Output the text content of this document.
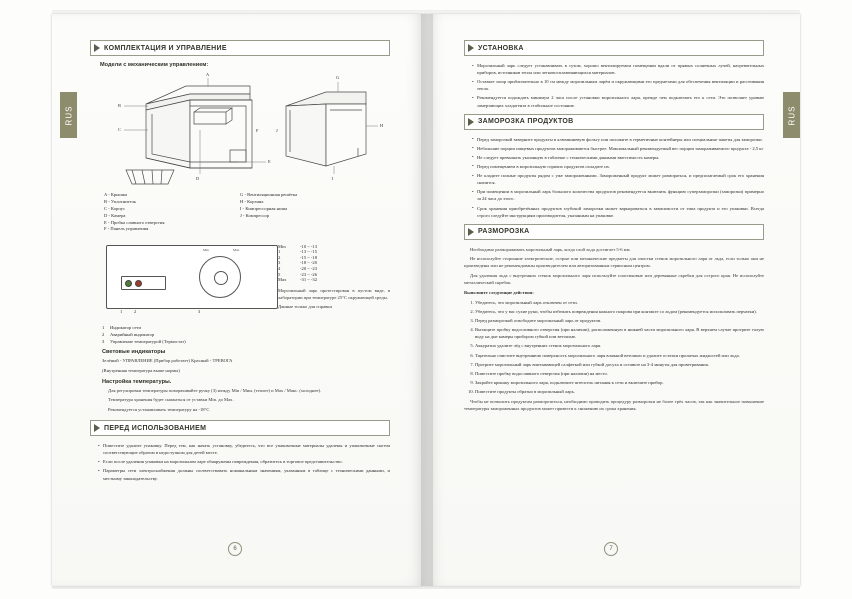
КОМПЛЕКТАЦИЯ И УПРАВЛЕНИЕ
Модели с механическим управлением:
A
B
C
D
E
G
H
I
J
F
A - Крышка
B - Уплотнитель
C - Корпус
D - Камера
E - Пробка сливного отверстия
F - Панель управления
G - Вентиляционная решётка
H - Корзина
I - Компрессорная ниша
J - Компрессор
Min	Max
1	2	3
1 Индикатор сети
2 Аварийный индикатор
3 Управление температурой (Термостат)
Min	-10 ~ -13
1	-13 ~ -15
2	-15 ~ -18
3	-18 ~ -20
4	-20 ~ -23
5	-23 ~ -26
Max	-31 ~ -32

Морозильный ларь протестирован в пустом виде, в лаборатории при температуре 25°C окружающей среды.

Данные только для справки

Световые индикаторы

Зелёный - УПРАВЛЕНИЕ (Прибор работает) Красный - ТРЕВОГА

(Внутренняя температура выше нормы)

Настройка температуры.

Для регулировки температуры поворачивайте ручку (3) между Min / Мин. (теплее) и Max / Макс. (холоднее).

Температура хранения будет снижаться от уставки Min. до Max.

Рекомендуется устанавливать температуру на -18°C

ПЕРЕД ИСПОЛЬЗОВАНИЕМ
• Поместите удалите упаковку. Перед тем, как начать установку, убедитесь, что все упаковочные материалы удалены и упаковочные скотчи соответствующие образом в недоступном для детей месте.
• Если после удаления упаковки на морозильном ларе обнаружены повреждения, обратитесь в торговое представительство.
• Параметры сети электроснабжения должны соответствовать номинальным значениям, указанным в таблице с техническими данными, и местному законодательству.
УСТАНОВКА
• Морозильный ларь следует устанавливать в сухом, хорошо вентилируемом помещении вдали от прямых солнечных лучей, нагревательных приборов, источников тепла или легковоспламеняющихся материалов.
• Оставьте зазор приблизительно в 10 см между морозильным ларём и окружающими его предметами для обеспечения вентиляции и рассеивания тепла.
• Рекомендуется подождать минимум 2 часа после установки морозильного ларя, прежде чем подключать его к сети. Это позволяет уровню замерзающих хладагента в стабильное состояние.
ЗАМОРОЗКА ПРОДУКТОВ
• Перед заморозкой заверните продукты в алюминиевую фольгу или положите в герметичные контейнеры или специальные пакеты для заморозки.
• Небольшие порции пищевых продуктов замораживаются быстрее. Максимальный рекомендуемый вес порции замораживаемого продукта - 2,5 кг
• Не следует превышать указанную в табличке с техническими данными вместимость камеры.
• Перед помещением в морозильную горячих продуктов охладите их.
• Не кладите полные продукты рядом с уже замороженными. Замороженный продукт может размораться, и предполагаемый срок его хранения снизится.
• При помещении в морозильный ларь большого количества продуктов рекомендуется включить функцию суперзаморозки (заморозки) примерно за 24 часа до этого.
• Срок хранения приобретённых продуктов глубокой заморозки может варьироваться в зависимости от типа продукта и его упаковки. Всегда строго следуйте инструкциям производителя, указанным на упаковке.
РАЗМОРОЗКА

Необходимо размораживать морозильный ларь, когда слой льда достигает 5-6 мм.

Не используйте сторонние электрические, острые или механические предметы для очистки стенок морозильного ларя от льда, если только они не произведены или не рекомендованы производителем или авторизованным сервисным центром.

Для удаления льда с внутренних стенок морозильного ларя используйте пластиковые или деревянные скребки для острого края. Не используйте металлический скребок.

Выполните следующие действия:

1. Убедитесь, что морозильный ларь отключен от сети.
2. Убедитесь, что у вас сухие руки, чтобы избежать повреждения кожного покрова при контакте со льдом (рекомендуется использовать перчатки).
3. Перед разморозкой освободите морозильный ларь от продуктов.
4. Вытащите пробку водосливного отверстия (при наличии), расположенную в нижней части морозильного ларя. В верхнем случае протрите талую воду на дне камеры прибором губкой или ветошью.
5. Аккуратно удалите лёд с внутренних стенок морозильного ларя.
6. Тщательно очистите внутреннюю поверхность морозильного ларя влажной ветошью и удалите остатки пролитых жидкостей или льда.
7. Протрите морозильный ларь впитывающей салфеткой или губкой досуха и оставьте на 3-4 минуты для проветривания.
8. Поместите пробку водосливного отверстия (при наличии) на место.
9. Закройте крышку морозильного ларя, подключите штепсель питания к сети и включите прибор.
10. Поместите продукты обратно в морозильный ларь.

Чтобы не позволить продуктам разморозиться, необходимо проводить процедуру разморозки не более трёх часов, так как значительное повышение температуры замороженных продуктов может привести к снижению их срока хранения.

6	7
RUS	RUS
